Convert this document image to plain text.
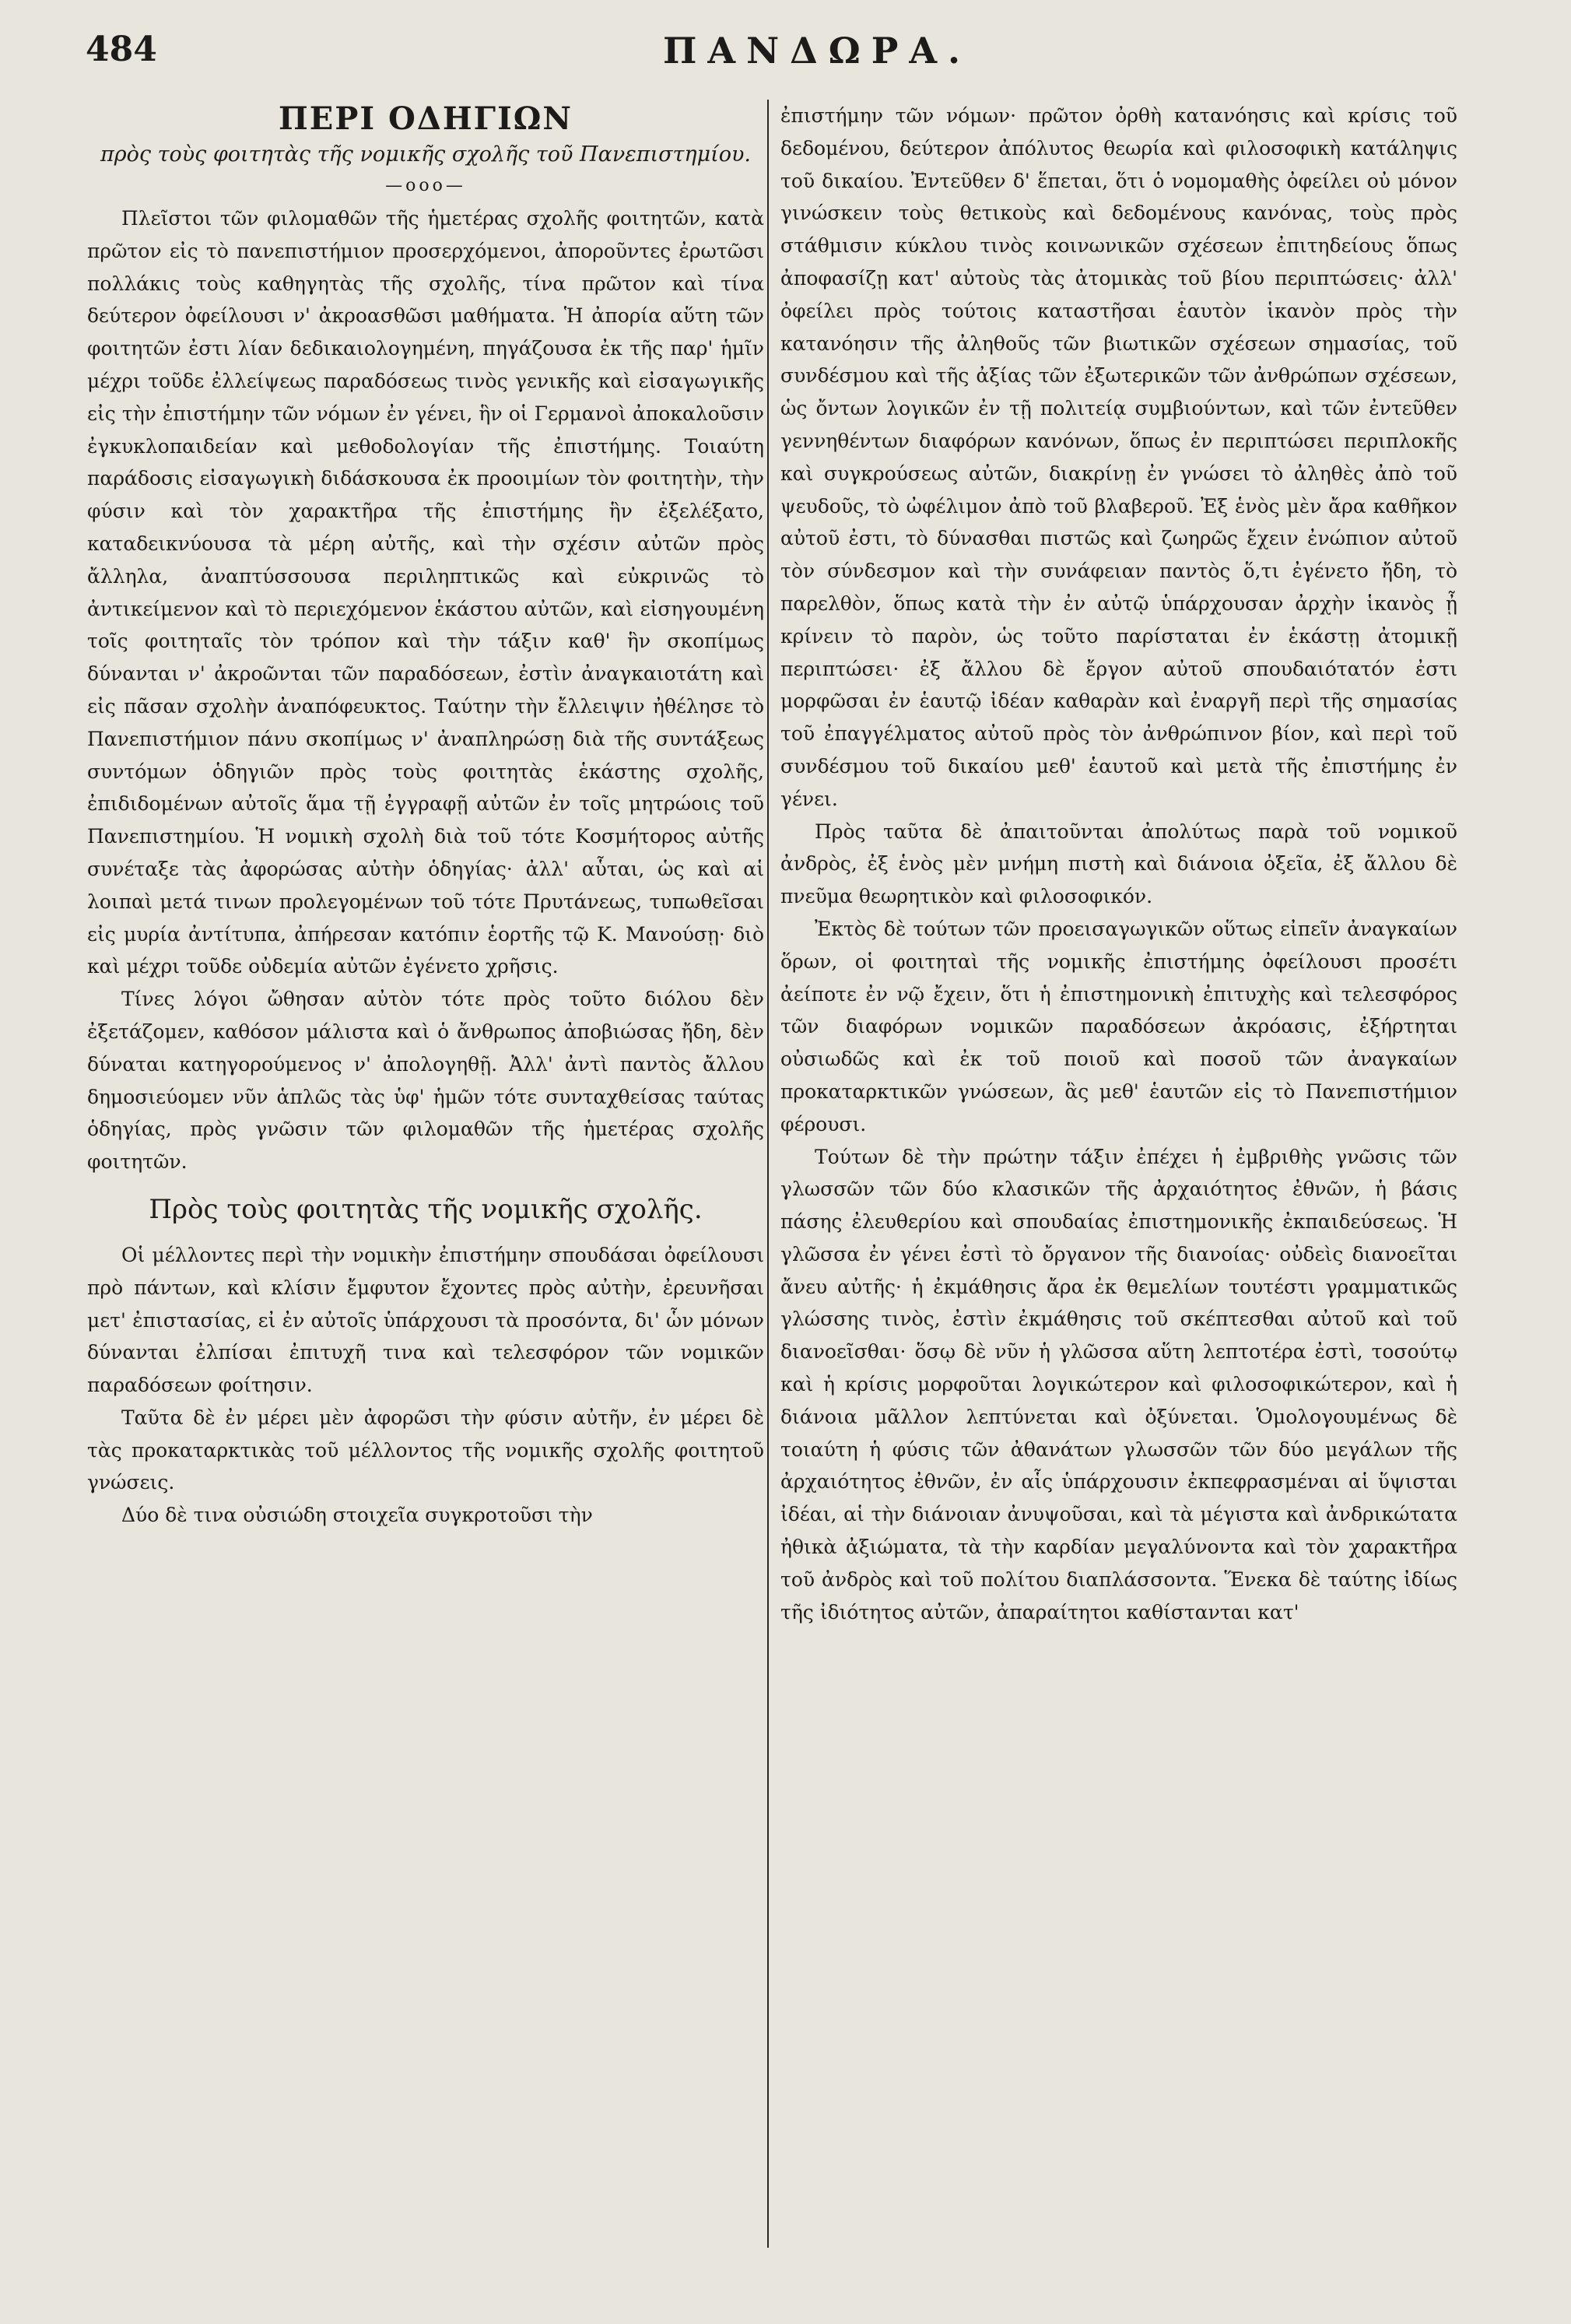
484	ΠΑΝΔΩΡΑ.
ΠΕΡΙ ΟΔΗΓΙΩΝ
πρὸς τοὺς φοιτητὰς τῆς νομικῆς σχολῆς τοῦ Πανεπιστημίου.
—οοο—

Πλεῖστοι τῶν φιλομαθῶν τῆς ἡμετέρας σχολῆς φοιτητῶν, κατὰ πρῶτον εἰς τὸ πανεπιστήμιον προσερχόμενοι, ἀποροῦντες ἐρωτῶσι πολλάκις τοὺς καθηγητὰς τῆς σχολῆς, τίνα πρῶτον καὶ τίνα δεύτερον ὀφείλουσι ν' ἀκροασθῶσι μαθήματα. Ἡ ἀπορία αὕτη τῶν φοιτητῶν ἐστι λίαν δεδικαιολογημένη, πηγάζουσα ἐκ τῆς παρ' ἡμῖν μέχρι τοῦδε ἐλλείψεως παραδόσεως τινὸς γενικῆς καὶ εἰσαγωγικῆς εἰς τὴν ἐπιστήμην τῶν νόμων ἐν γένει, ἣν οἱ Γερμανοὶ ἀποκαλοῦσιν ἐγκυκλοπαιδείαν καὶ μεθοδολογίαν τῆς ἐπιστήμης. Τοιαύτη παράδοσις εἰσαγωγικὴ διδάσκουσα ἐκ προοιμίων τὸν φοιτητὴν, τὴν φύσιν καὶ τὸν χαρακτῆρα τῆς ἐπιστήμης ἣν ἐξελέξατο, καταδεικνύουσα τὰ μέρη αὐτῆς, καὶ τὴν σχέσιν αὐτῶν πρὸς ἄλληλα, ἀναπτύσσουσα περιληπτικῶς καὶ εὐκρινῶς τὸ ἀντικείμενον καὶ τὸ περιεχόμενον ἑκάστου αὐτῶν, καὶ εἰσηγουμένη τοῖς φοιτηταῖς τὸν τρόπον καὶ τὴν τάξιν καθ' ἣν σκοπίμως δύνανται ν' ἀκροῶνται τῶν παραδόσεων, ἐστὶν ἀναγκαιοτάτη καὶ εἰς πᾶσαν σχολὴν ἀναπόφευκτος. Ταύτην τὴν ἔλλειψιν ἠθέλησε τὸ Πανεπιστήμιον πάνυ σκοπίμως ν' ἀναπληρώσῃ διὰ τῆς συντάξεως συντόμων ὁδηγιῶν πρὸς τοὺς φοιτητὰς ἑκάστης σχολῆς, ἐπιδιδομένων αὐτοῖς ἅμα τῇ ἐγγραφῇ αὐτῶν ἐν τοῖς μητρώοις τοῦ Πανεπιστημίου. Ἡ νομικὴ σχολὴ διὰ τοῦ τότε Κοσμήτορος αὐτῆς συνέταξε τὰς ἀφορώσας αὐτὴν ὁδηγίας· ἀλλ' αὗται, ὡς καὶ αἱ λοιπαὶ μετά τινων προλεγομένων τοῦ τότε Πρυτάνεως, τυπωθεῖσαι εἰς μυρία ἀντίτυπα, ἀπήρεσαν κατόπιν ἑορτῆς τῷ Κ. Μανούσῃ· διὸ καὶ μέχρι τοῦδε οὐδεμία αὐτῶν ἐγένετο χρῆσις.

Τίνες λόγοι ὤθησαν αὐτὸν τότε πρὸς τοῦτο διόλου δὲν ἐξετάζομεν, καθόσον μάλιστα καὶ ὁ ἄνθρωπος ἀποβιώσας ἤδη, δὲν δύναται κατηγορούμενος ν' ἀπολογηθῇ. Ἀλλ' ἀντὶ παντὸς ἄλλου δημοσιεύομεν νῦν ἁπλῶς τὰς ὑφ' ἡμῶν τότε συνταχθείσας ταύτας ὁδηγίας, πρὸς γνῶσιν τῶν φιλομαθῶν τῆς ἡμετέρας σχολῆς φοιτητῶν.

Πρὸς τοὺς φοιτητὰς τῆς νομικῆς σχολῆς.

Οἱ μέλλοντες περὶ τὴν νομικὴν ἐπιστήμην σπουδάσαι ὀφείλουσι πρὸ πάντων, καὶ κλίσιν ἔμφυτον ἔχοντες πρὸς αὐτὴν, ἐρευνῆσαι μετ' ἐπιστασίας, εἰ ἐν αὐτοῖς ὑπάρχουσι τὰ προσόντα, δι' ὧν μόνων δύνανται ἐλπίσαι ἐπιτυχῆ τινα καὶ τελεσφόρον τῶν νομικῶν παραδόσεων φοίτησιν.

Ταῦτα δὲ ἐν μέρει μὲν ἀφορῶσι τὴν φύσιν αὐτῆν, ἐν μέρει δὲ τὰς προκαταρκτικὰς τοῦ μέλλοντος τῆς νομικῆς σχολῆς φοιτητοῦ γνώσεις.

Δύο δὲ τινα οὐσιώδη στοιχεῖα συγκροτοῦσι τὴν

ἐπιστήμην τῶν νόμων· πρῶτον ὀρθὴ κατανόησις καὶ κρίσις τοῦ δεδομένου, δεύτερον ἀπόλυτος θεωρία καὶ φιλοσοφικὴ κατάληψις τοῦ δικαίου. Ἐντεῦθεν δ' ἕπεται, ὅτι ὁ νομομαθὴς ὀφείλει οὐ μόνον γινώσκειν τοὺς θετικοὺς καὶ δεδομένους κανόνας, τοὺς πρὸς στάθμισιν κύκλου τινὸς κοινωνικῶν σχέσεων ἐπιτηδείους ὅπως ἀποφασίζῃ κατ' αὐτοὺς τὰς ἀτομικὰς τοῦ βίου περιπτώσεις· ἀλλ' ὀφείλει πρὸς τούτοις καταστῆσαι ἑαυτὸν ἱκανὸν πρὸς τὴν κατανόησιν τῆς ἀληθοῦς τῶν βιωτικῶν σχέσεων σημασίας, τοῦ συνδέσμου καὶ τῆς ἀξίας τῶν ἐξωτερικῶν τῶν ἀνθρώπων σχέσεων, ὡς ὄντων λογικῶν ἐν τῇ πολιτείᾳ συμβιούντων, καὶ τῶν ἐντεῦθεν γεννηθέντων διαφόρων κανόνων, ὅπως ἐν περιπτώσει περιπλοκῆς καὶ συγκρούσεως αὐτῶν, διακρίνῃ ἐν γνώσει τὸ ἀληθὲς ἀπὸ τοῦ ψευδοῦς, τὸ ὠφέλιμον ἀπὸ τοῦ βλαβεροῦ. Ἐξ ἑνὸς μὲν ἄρα καθῆκον αὐτοῦ ἐστι, τὸ δύνασθαι πιστῶς καὶ ζωηρῶς ἔχειν ἐνώπιον αὐτοῦ τὸν σύνδεσμον καὶ τὴν συνάφειαν παντὸς ὅ,τι ἐγένετο ἤδη, τὸ παρελθὸν, ὅπως κατὰ τὴν ἐν αὐτῷ ὑπάρχουσαν ἀρχὴν ἱκανὸς ᾖ κρίνειν τὸ παρὸν, ὡς τοῦτο παρίσταται ἐν ἑκάστῃ ἀτομικῇ περιπτώσει· ἐξ ἄλλου δὲ ἔργον αὐτοῦ σπουδαιότατόν ἐστι μορφῶσαι ἐν ἑαυτῷ ἰδέαν καθαρὰν καὶ ἐναργῆ περὶ τῆς σημασίας τοῦ ἐπαγγέλματος αὐτοῦ πρὸς τὸν ἀνθρώπινον βίον, καὶ περὶ τοῦ συνδέσμου τοῦ δικαίου μεθ' ἑαυτοῦ καὶ μετὰ τῆς ἐπιστήμης ἐν γένει.

Πρὸς ταῦτα δὲ ἀπαιτοῦνται ἀπολύτως παρὰ τοῦ νομικοῦ ἀνδρὸς, ἐξ ἑνὸς μὲν μνήμη πιστὴ καὶ διάνοια ὀξεῖα, ἐξ ἄλλου δὲ πνεῦμα θεωρητικὸν καὶ φιλοσοφικόν.

Ἐκτὸς δὲ τούτων τῶν προεισαγωγικῶν οὕτως εἰπεῖν ἀναγκαίων ὅρων, οἱ φοιτηταὶ τῆς νομικῆς ἐπιστήμης ὀφείλουσι προσέτι ἀείποτε ἐν νῷ ἔχειν, ὅτι ἡ ἐπιστημονικὴ ἐπιτυχὴς καὶ τελεσφόρος τῶν διαφόρων νομικῶν παραδόσεων ἀκρόασις, ἐξήρτηται οὐσιωδῶς καὶ ἐκ τοῦ ποιοῦ καὶ ποσοῦ τῶν ἀναγκαίων προκαταρκτικῶν γνώσεων, ἃς μεθ' ἑαυτῶν εἰς τὸ Πανεπιστήμιον φέρουσι.

Τούτων δὲ τὴν πρώτην τάξιν ἐπέχει ἡ ἐμβριθὴς γνῶσις τῶν γλωσσῶν τῶν δύο κλασικῶν τῆς ἀρχαιότητος ἐθνῶν, ἡ βάσις πάσης ἐλευθερίου καὶ σπουδαίας ἐπιστημονικῆς ἐκπαιδεύσεως. Ἡ γλῶσσα ἐν γένει ἐστὶ τὸ ὄργανον τῆς διανοίας· οὐδεὶς διανοεῖται ἄνευ αὐτῆς· ἡ ἐκμάθησις ἄρα ἐκ θεμελίων τουτέστι γραμματικῶς γλώσσης τινὸς, ἐστὶν ἐκμάθησις τοῦ σκέπτεσθαι αὐτοῦ καὶ τοῦ διανοεῖσθαι· ὅσῳ δὲ νῦν ἡ γλῶσσα αὕτη λεπτοτέρα ἐστὶ, τοσούτῳ καὶ ἡ κρίσις μορφοῦται λογικώτερον καὶ φιλοσοφικώτερον, καὶ ἡ διάνοια μᾶλλον λεπτύνεται καὶ ὀξύνεται. Ὁμολογουμένως δὲ τοιαύτη ἡ φύσις τῶν ἀθανάτων γλωσσῶν τῶν δύο μεγάλων τῆς ἀρχαιότητος ἐθνῶν, ἐν αἷς ὑπάρχουσιν ἐκπεφρασμέναι αἱ ὕψισται ἰδέαι, αἱ τὴν διάνοιαν ἀνυψοῦσαι, καὶ τὰ μέγιστα καὶ ἀνδρικώτατα ἠθικὰ ἀξιώματα, τὰ τὴν καρδίαν μεγαλύνοντα καὶ τὸν χαρακτῆρα τοῦ ἀνδρὸς καὶ τοῦ πολίτου διαπλάσσοντα. Ἕνεκα δὲ ταύτης ἰδίως τῆς ἰδιότητος αὐτῶν, ἀπαραίτητοι καθίστανται κατ'
